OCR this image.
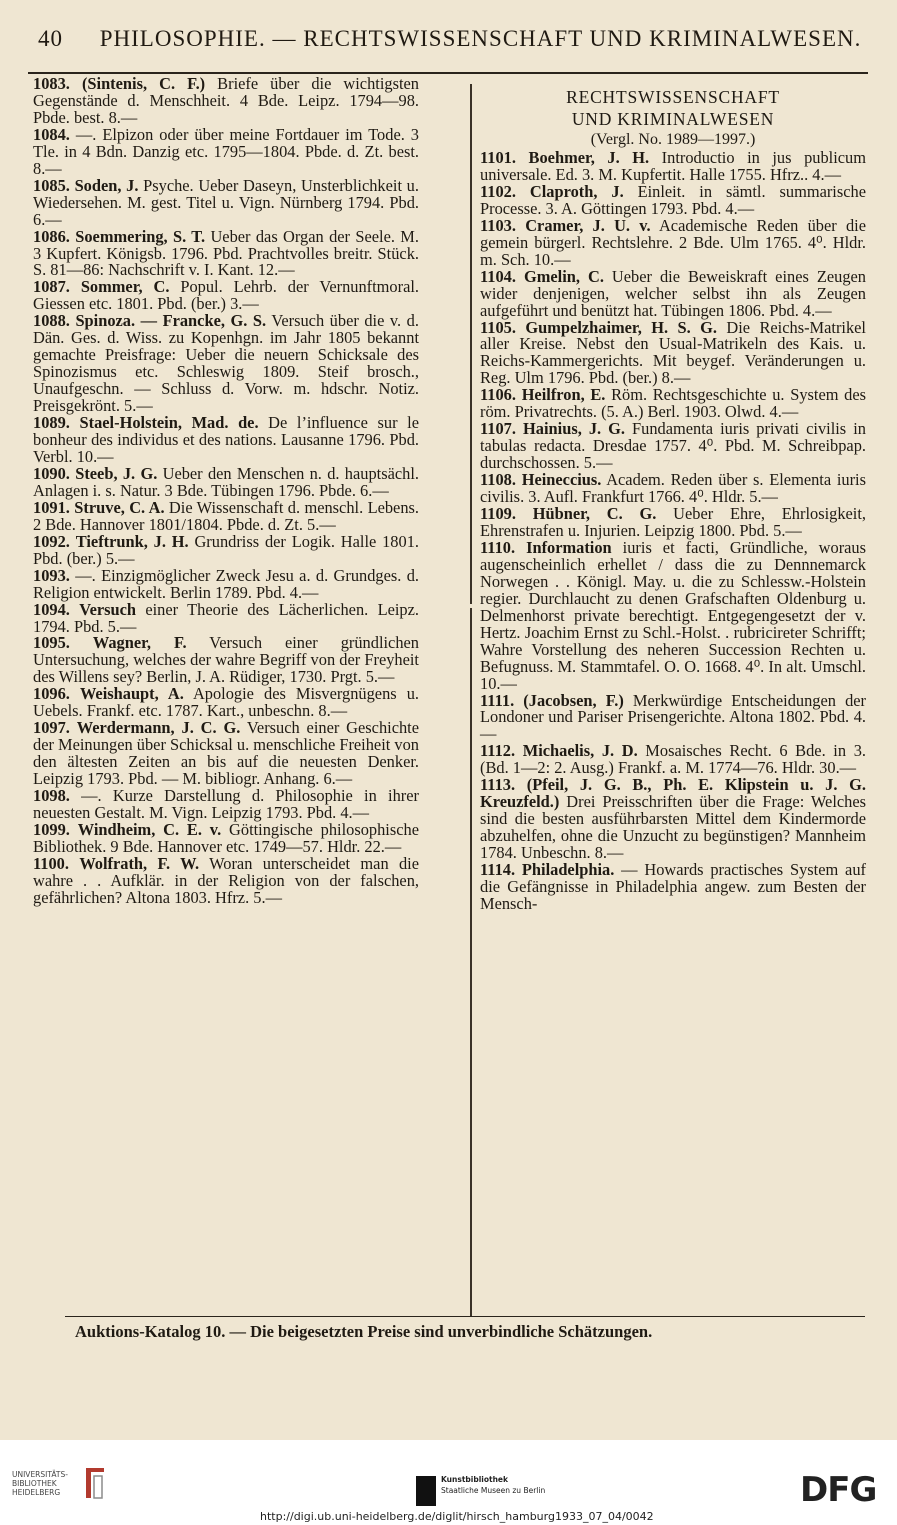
40 PHILOSOPHIE. — RECHTSWISSENSCHAFT UND KRIMINALWESEN.
1083. (Sintenis, C. F.) Briefe über die wichtigsten Gegenstände d. Menschheit. 4 Bde. Leipz. 1794—98. Pbde. best. 8.—
1084. —. Elpizon oder über meine Fortdauer im Tode. 3 Tle. in 4 Bdn. Danzig etc. 1795—1804. Pbde. d. Zt. best. 8.—
1085. Soden, J. Psyche. Ueber Daseyn, Unsterblichkeit u. Wiedersehen. M. gest. Titel u. Vign. Nürnberg 1794. Pbd. 6.—
1086. Soemmering, S. T. Ueber das Organ der Seele. M. 3 Kupfert. Königsb. 1796. Pbd. Prachtvolles breitr. Stück. S. 81—86: Nachschrift v. I. Kant. 12.—
1087. Sommer, C. Popul. Lehrb. der Vernunftmoral. Giessen etc. 1801. Pbd. (ber.) 3.—
1088. Spinoza. — Francke, G. S. Versuch über die v. d. Dän. Ges. d. Wiss. zu Kopenhgn. im Jahr 1805 bekannt gemachte Preisfrage: Ueber die neuern Schicksale des Spinozismus etc. Schleswig 1809. Steif brosch., Unaufgeschn. — Schluss d. Vorw. m. hdschr. Notiz. Preisgekrönt. 5.—
1089. Stael-Holstein, Mad. de. De l’influence sur le bonheur des individus et des nations. Lausanne 1796. Pbd. Verbl. 10.—
1090. Steeb, J. G. Ueber den Menschen n. d. hauptsächl. Anlagen i. s. Natur. 3 Bde. Tübingen 1796. Pbde. 6.—
1091. Struve, C. A. Die Wissenschaft d. menschl. Lebens. 2 Bde. Hannover 1801/1804. Pbde. d. Zt. 5.—
1092. Tieftrunk, J. H. Grundriss der Logik. Halle 1801. Pbd. (ber.) 5.—
1093. —. Einzigmöglicher Zweck Jesu a. d. Grundges. d. Religion entwickelt. Berlin 1789. Pbd. 4.—
1094. Versuch einer Theorie des Lächerlichen. Leipz. 1794. Pbd. 5.—
1095. Wagner, F. Versuch einer gründlichen Untersuchung, welches der wahre Begriff von der Freyheit des Willens sey? Berlin, J. A. Rüdiger, 1730. Prgt. 5.—
1096. Weishaupt, A. Apologie des Misvergnügens u. Uebels. Frankf. etc. 1787. Kart., unbeschn. 8.—
1097. Werdermann, J. C. G. Versuch einer Geschichte der Meinungen über Schicksal u. menschliche Freiheit von den ältesten Zeiten an bis auf die neuesten Denker. Leipzig 1793. Pbd. — M. bibliogr. Anhang. 6.—
1098. —. Kurze Darstellung d. Philosophie in ihrer neuesten Gestalt. M. Vign. Leipzig 1793. Pbd. 4.—
1099. Windheim, C. E. v. Göttingische philosophische Bibliothek. 9 Bde. Hannover etc. 1749—57. Hldr. 22.—
1100. Wolfrath, F. W. Woran unterscheidet man die wahre . . Aufklär. in der Religion von der falschen, gefährlichen? Altona 1803. Hfrz. 5.—
RECHTSWISSENSCHAFT
UND KRIMINALWESEN
(Vergl. No. 1989—1997.)
1101. Boehmer, J. H. Introductio in jus publicum universale. Ed. 3. M. Kupfertit. Halle 1755. Hfrz.. 4.—
1102. Claproth, J. Einleit. in sämtl. summarische Processe. 3. A. Göttingen 1793. Pbd. 4.—
1103. Cramer, J. U. v. Academische Reden über die gemein bürgerl. Rechtslehre. 2 Bde. Ulm 1765. 4⁰. Hldr. m. Sch. 10.—
1104. Gmelin, C. Ueber die Beweiskraft eines Zeugen wider denjenigen, welcher selbst ihn als Zeugen aufgeführt und benützt hat. Tübingen 1806. Pbd. 4.—
1105. Gumpelzhaimer, H. S. G. Die Reichs-Matrikel aller Kreise. Nebst den Usual-Matrikeln des Kais. u. Reichs-Kammergerichts. Mit beygef. Veränderungen u. Reg. Ulm 1796. Pbd. (ber.) 8.—
1106. Heilfron, E. Röm. Rechtsgeschichte u. System des röm. Privatrechts. (5. A.) Berl. 1903. Olwd. 4.—
1107. Hainius, J. G. Fundamenta iuris privati civilis in tabulas redacta. Dresdae 1757. 4⁰. Pbd. M. Schreibpap. durchschossen. 5.—
1108. Heineccius. Academ. Reden über s. Elementa iuris civilis. 3. Aufl. Frankfurt 1766. 4⁰. Hldr. 5.—
1109. Hübner, C. G. Ueber Ehre, Ehrlosigkeit, Ehrenstrafen u. Injurien. Leipzig 1800. Pbd. 5.—
1110. Information iuris et facti, Gründliche, woraus augenscheinlich erhellet / dass die zu Dennnemarck Norwegen . . Königl. May. u. die zu Schlessw.-Holstein regier. Durchlaucht zu denen Grafschaften Oldenburg u. Delmenhorst private berechtigt. Entgegengesetzt der v. Hertz. Joachim Ernst zu Schl.-Holst. . rubricireter Schrifft; Wahre Vorstellung des neheren Succession Rechten u. Befugnuss. M. Stammtafel. O. O. 1668. 4⁰. In alt. Umschl. 10.—
1111. (Jacobsen, F.) Merkwürdige Entscheidungen der Londoner und Pariser Prisengerichte. Altona 1802. Pbd. 4.—
1112. Michaelis, J. D. Mosaisches Recht. 6 Bde. in 3. (Bd. 1—2: 2. Ausg.) Frankf. a. M. 1774—76. Hldr. 30.—
1113. (Pfeil, J. G. B., Ph. E. Klipstein u. J. G. Kreuzfeld.) Drei Preisschriften über die Frage: Welches sind die besten ausführbarsten Mittel dem Kindermorde abzuhelfen, ohne die Unzucht zu begünstigen? Mannheim 1784. Unbeschn. 8.—
1114. Philadelphia. — Howards practisches System auf die Gefängnisse in Philadelphia angew. zum Besten der Mensch-
Auktions-Katalog 10. — Die beigesetzten Preise sind unverbindliche Schätzungen.
UNIVERSITÄTS-
BIBLIOTHEK
HEIDELBERG
Kunstbibliothek
Staatliche Museen zu Berlin	DFG
http://digi.ub.uni-heidelberg.de/diglit/hirsch_hamburg1933_07_04/0042
